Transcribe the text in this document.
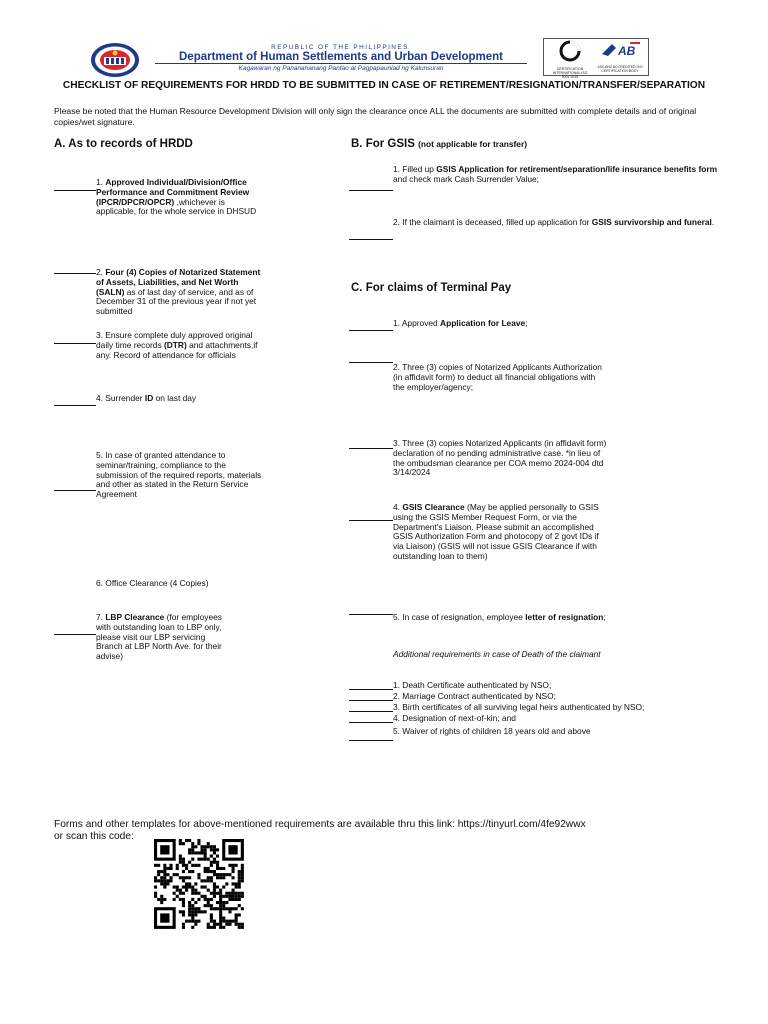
REPUBLIC OF THE PHILIPPINES
Department of Human Settlements and Urban Development
Kagawaran ng Pananahanang Pantao at Pagpapaunlad ng Kalunsuran	CERTIFICATION INTERNATIONAL ISO 9001:2015
AB
JAS-ANZ ACCREDITED ISO CERTIFICATION BODY
CHECKLIST OF REQUIREMENTS FOR HRDD TO BE SUBMITTED IN CASE OF RETIREMENT/RESIGNATION/TRANSFER/SEPARATION
Please be noted that the Human Resource Development Division will only sign the clearance once ALL the documents are submitted with complete details and of original copies/wet signature.
A. As to records of HRDD
1. Approved Individual/Division/Office Performance and Commitment Review (IPCR/DPCR/OPCR) ,whichever is applicable, for the whole service in DHSUD
2. Four (4) Copies of Notarized Statement of Assets, Liabilities, and Net Worth (SALN) as of last day of service, and as of December 31 of the previous year if not yet submitted
3. Ensure complete duly approved original daily time records (DTR) and attachments,if any. Record of attendance for officials
4. Surrender ID on last day
5. In case of granted attendance to seminar/training, compliance to the submission of the required reports, materials and other as stated in the Return Service Agreement
6. Office Clearance (4 Copies)
7. LBP Clearance (for employees with outstanding loan to LBP only, please visit our LBP servicing Branch at LBP North Ave. for their advise)
B. For GSIS (not applicable for transfer)
1. Filled up GSIS Application for retirement/separation/life insurance benefits form and check mark Cash Surrender Value;
2. If the claimant is deceased, filled up application for GSIS survivorship and funeral.
C. For claims of Terminal Pay
1. Approved Application for Leave;
2. Three (3) copies of Notarized Applicants Authorization (in affidavit form) to deduct all financial obligations with the employer/agency;
3. Three (3) copies Notarized Applicants (in affidavit form) declaration of no pending administrative case. *in lieu of the ombudsman clearance per COA memo 2024-004 dtd 3/14/2024
4. GSIS Clearance (May be applied personally to GSIS using the GSIS Member Request Form, or via the Department's Liaison. Please submit an accomplished GSIS Authorization Form and photocopy of 2 govt IDs if via Liaison) (GSIS will not issue GSIS Clearance if with outstanding loan to them)
5. In case of resignation, employee letter of resignation;
Additional requirements in case of Death of the claimant
1. Death Certificate authenticated by NSO;
2. Marriage Contract authenticated by NSO;
3. Birth certificates of all surviving legal heirs authenticated by NSO;
4. Designation of next-of-kin; and
5. Waiver of rights of children 18 years old and above
Forms and other templates for above-mentioned requirements are available thru this link: https://tinyurl.com/4fe92wwx
or scan this code:
